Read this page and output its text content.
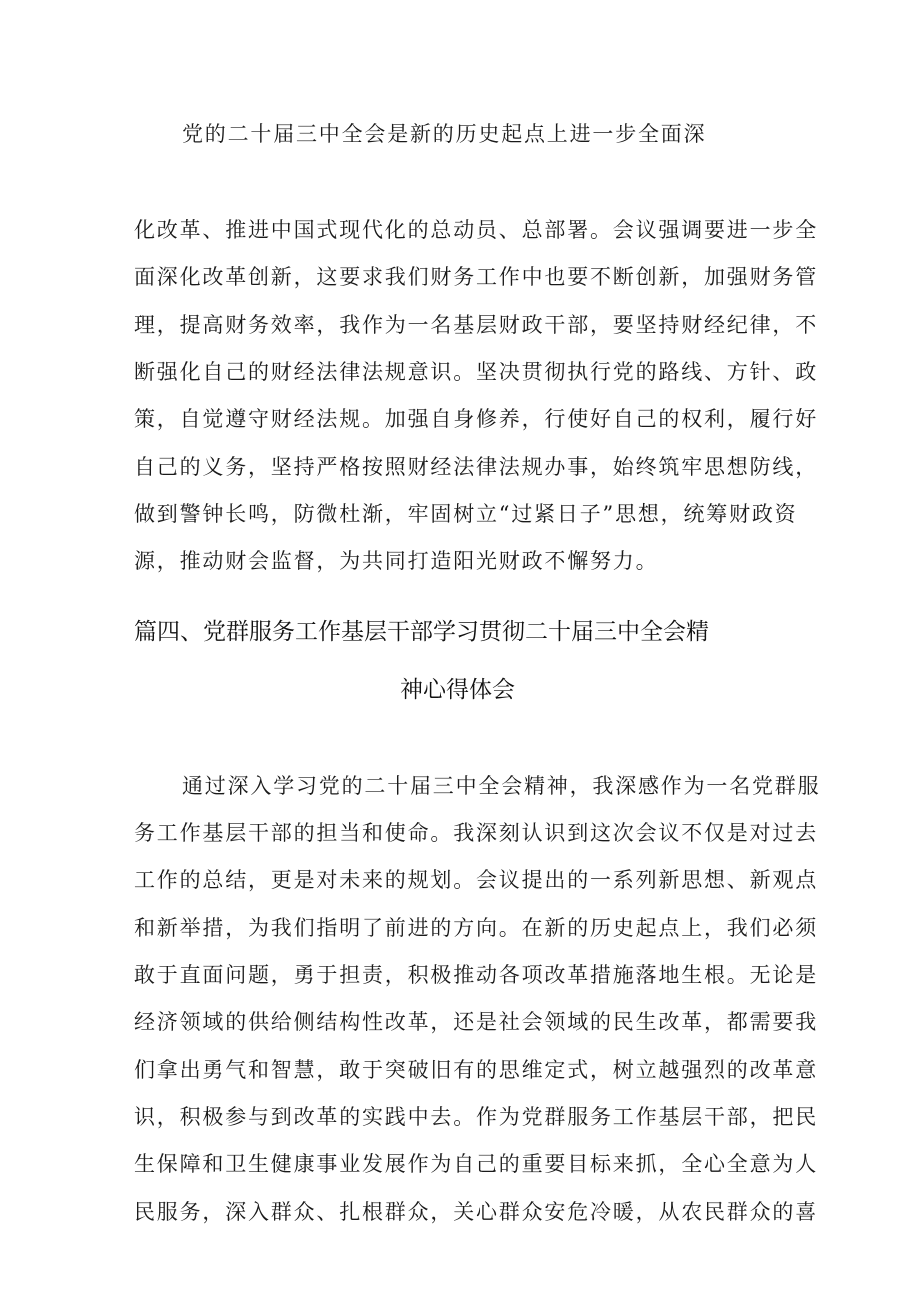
党的二十届三中全会是新的历史起点上进一步全面深
化改革、推进中国式现代化的总动员、总部署。会议强调要进一步全
面深化改革创新，这要求我们财务工作中也要不断创新，加强财务管
理，提高财务效率，我作为一名基层财政干部，要坚持财经纪律，不
断强化自己的财经法律法规意识。坚决贯彻执行党的路线、方针、政
策，自觉遵守财经法规。加强自身修养，行使好自己的权利，履行好
自己的义务，坚持严格按照财经法律法规办事，始终筑牢思想防线，
做到警钟长鸣，防微杜渐，牢固树立“过紧日子”思想，统筹财政资
源，推动财会监督，为共同打造阳光财政不懈努力。
篇四、党群服务工作基层干部学习贯彻二十届三中全会精
神心得体会
通过深入学习党的二十届三中全会精神，我深感作为一名党群服
务工作基层干部的担当和使命。我深刻认识到这次会议不仅是对过去
工作的总结，更是对未来的规划。会议提出的一系列新思想、新观点
和新举措，为我们指明了前进的方向。在新的历史起点上，我们必须
敢于直面问题，勇于担责，积极推动各项改革措施落地生根。无论是
经济领域的供给侧结构性改革，还是社会领域的民生改革，都需要我
们拿出勇气和智慧，敢于突破旧有的思维定式，树立越强烈的改革意
识，积极参与到改革的实践中去。作为党群服务工作基层干部，把民
生保障和卫生健康事业发展作为自己的重要目标来抓，全心全意为人
民服务，深入群众、扎根群众，关心群众安危冷暖，从农民群众的喜
